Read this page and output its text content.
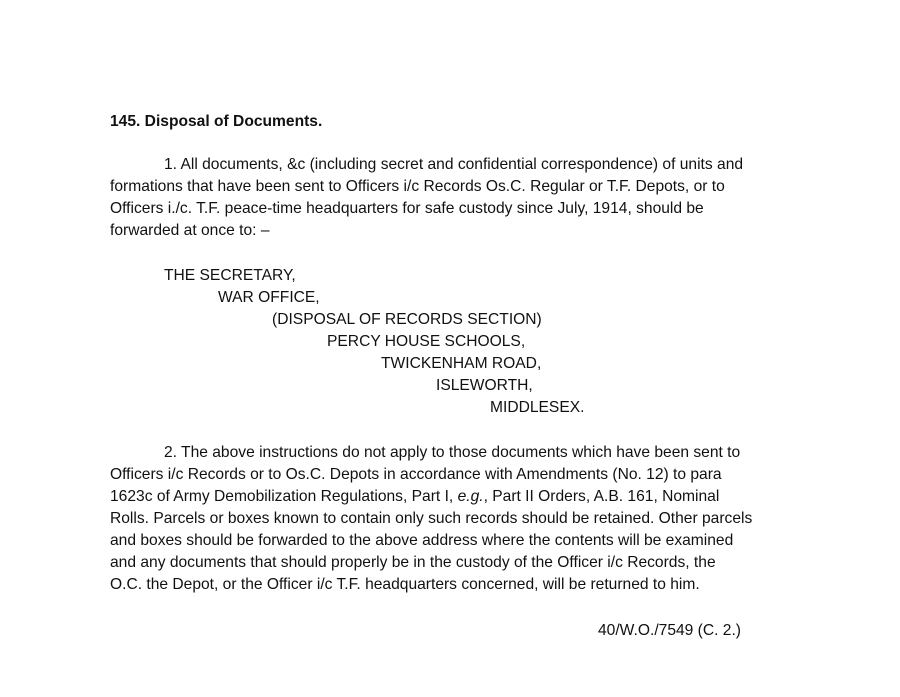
145. Disposal of Documents.
1. All documents, &c (including secret and confidential correspondence) of units and
formations that have been sent to Officers i/c Records Os.C. Regular or T.F. Depots, or to
Officers i./c. T.F. peace-time headquarters for safe custody since July, 1914, should be
forwarded at once to: –
THE SECRETARY,
WAR OFFICE,
(DISPOSAL OF RECORDS SECTION)
PERCY HOUSE SCHOOLS,
TWICKENHAM ROAD,
ISLEWORTH,
MIDDLESEX.
2. The above instructions do not apply to those documents which have been sent to
Officers i/c Records or to Os.C. Depots in accordance with Amendments (No. 12) to para
1623c of Army Demobilization Regulations, Part I, e.g., Part II Orders, A.B. 161, Nominal
Rolls. Parcels or boxes known to contain only such records should be retained. Other parcels
and boxes should be forwarded to the above address where the contents will be examined
and any documents that should properly be in the custody of the Officer i/c Records, the
O.C. the Depot, or the Officer i/c T.F. headquarters concerned, will be returned to him.
40/W.O./7549 (C. 2.)
